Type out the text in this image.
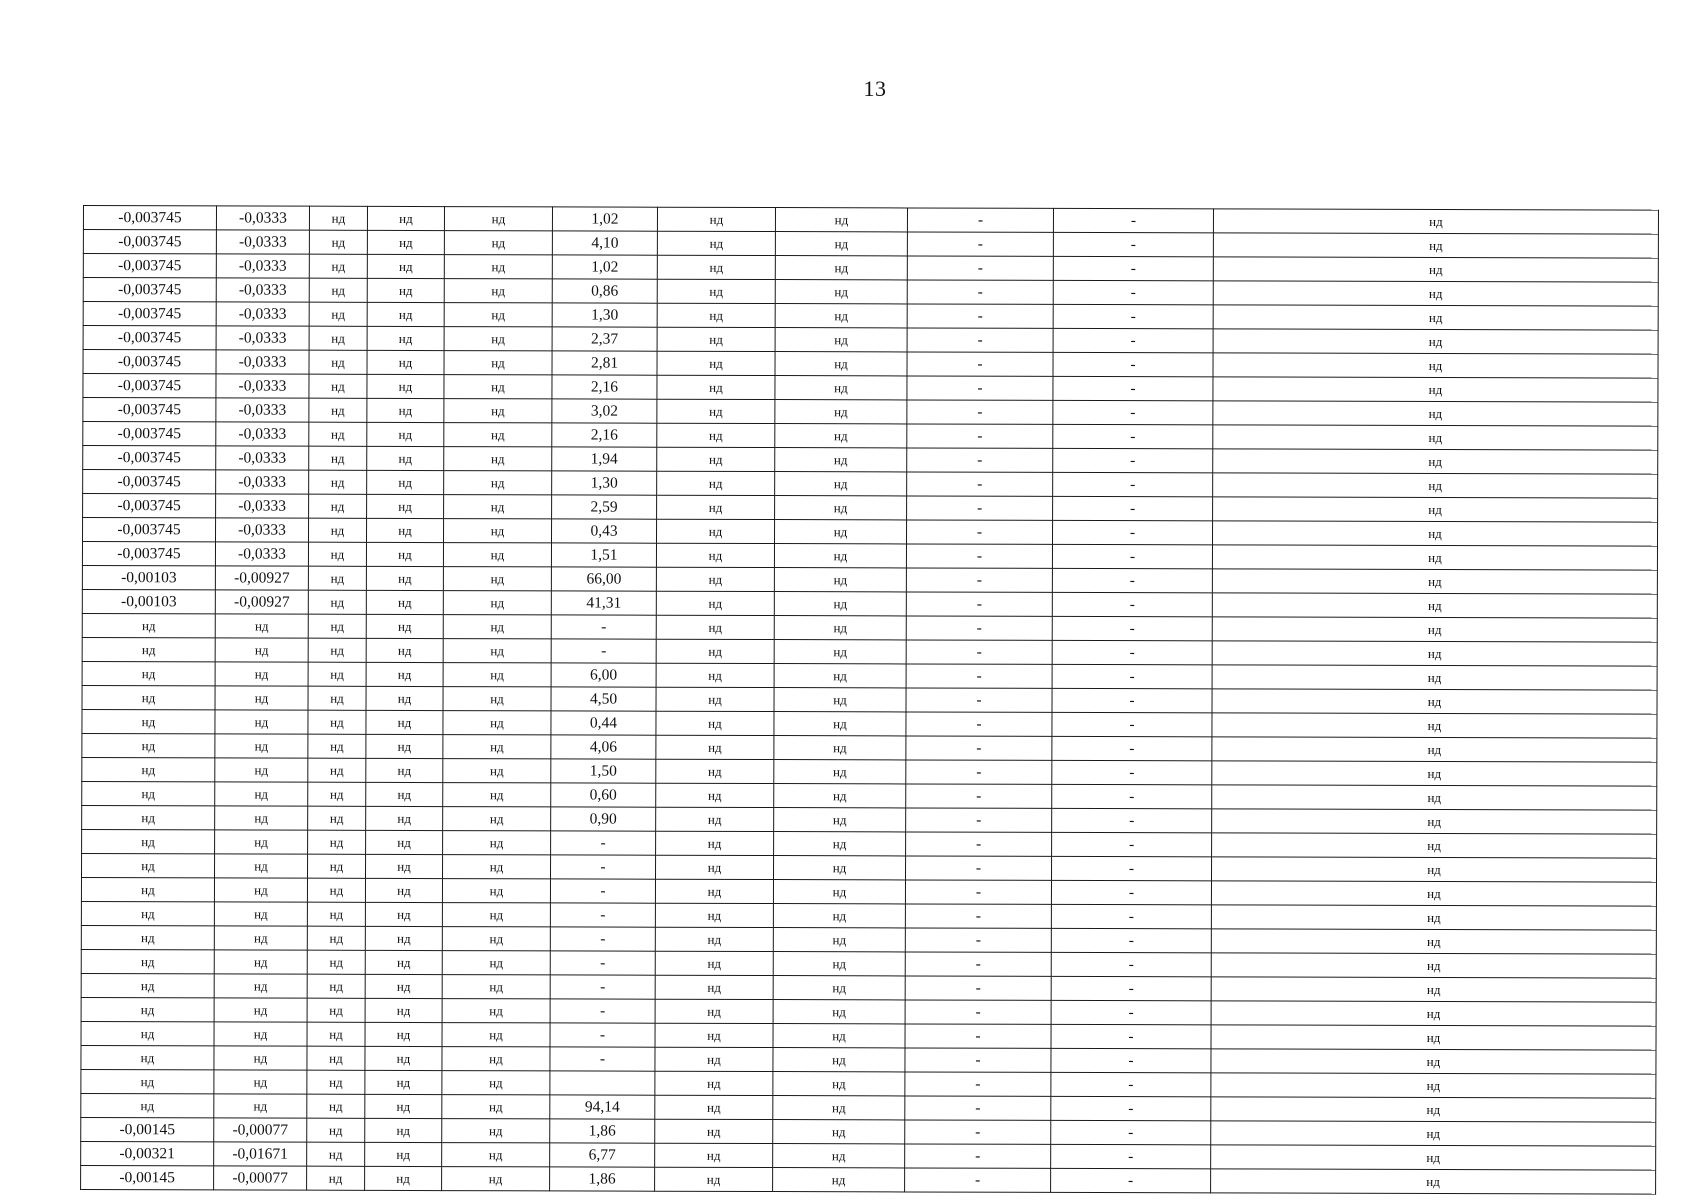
13
-0,003745	-0,0333	нд	нд	нд	1,02	нд	нд	-	-	нд
-0,003745	-0,0333	нд	нд	нд	4,10	нд	нд	-	-	нд
-0,003745	-0,0333	нд	нд	нд	1,02	нд	нд	-	-	нд
-0,003745	-0,0333	нд	нд	нд	0,86	нд	нд	-	-	нд
-0,003745	-0,0333	нд	нд	нд	1,30	нд	нд	-	-	нд
-0,003745	-0,0333	нд	нд	нд	2,37	нд	нд	-	-	нд
-0,003745	-0,0333	нд	нд	нд	2,81	нд	нд	-	-	нд
-0,003745	-0,0333	нд	нд	нд	2,16	нд	нд	-	-	нд
-0,003745	-0,0333	нд	нд	нд	3,02	нд	нд	-	-	нд
-0,003745	-0,0333	нд	нд	нд	2,16	нд	нд	-	-	нд
-0,003745	-0,0333	нд	нд	нд	1,94	нд	нд	-	-	нд
-0,003745	-0,0333	нд	нд	нд	1,30	нд	нд	-	-	нд
-0,003745	-0,0333	нд	нд	нд	2,59	нд	нд	-	-	нд
-0,003745	-0,0333	нд	нд	нд	0,43	нд	нд	-	-	нд
-0,003745	-0,0333	нд	нд	нд	1,51	нд	нд	-	-	нд
-0,00103	-0,00927	нд	нд	нд	66,00	нд	нд	-	-	нд
-0,00103	-0,00927	нд	нд	нд	41,31	нд	нд	-	-	нд
нд	нд	нд	нд	нд	-	нд	нд	-	-	нд
нд	нд	нд	нд	нд	-	нд	нд	-	-	нд
нд	нд	нд	нд	нд	6,00	нд	нд	-	-	нд
нд	нд	нд	нд	нд	4,50	нд	нд	-	-	нд
нд	нд	нд	нд	нд	0,44	нд	нд	-	-	нд
нд	нд	нд	нд	нд	4,06	нд	нд	-	-	нд
нд	нд	нд	нд	нд	1,50	нд	нд	-	-	нд
нд	нд	нд	нд	нд	0,60	нд	нд	-	-	нд
нд	нд	нд	нд	нд	0,90	нд	нд	-	-	нд
нд	нд	нд	нд	нд	-	нд	нд	-	-	нд
нд	нд	нд	нд	нд	-	нд	нд	-	-	нд
нд	нд	нд	нд	нд	-	нд	нд	-	-	нд
нд	нд	нд	нд	нд	-	нд	нд	-	-	нд
нд	нд	нд	нд	нд	-	нд	нд	-	-	нд
нд	нд	нд	нд	нд	-	нд	нд	-	-	нд
нд	нд	нд	нд	нд	-	нд	нд	-	-	нд
нд	нд	нд	нд	нд	-	нд	нд	-	-	нд
нд	нд	нд	нд	нд	-	нд	нд	-	-	нд
нд	нд	нд	нд	нд	-	нд	нд	-	-	нд
нд	нд	нд	нд	нд		нд	нд	-	-	нд
нд	нд	нд	нд	нд	94,14	нд	нд	-	-	нд
-0,00145	-0,00077	нд	нд	нд	1,86	нд	нд	-	-	нд
-0,00321	-0,01671	нд	нд	нд	6,77	нд	нд	-	-	нд
-0,00145	-0,00077	нд	нд	нд	1,86	нд	нд	-	-	нд
